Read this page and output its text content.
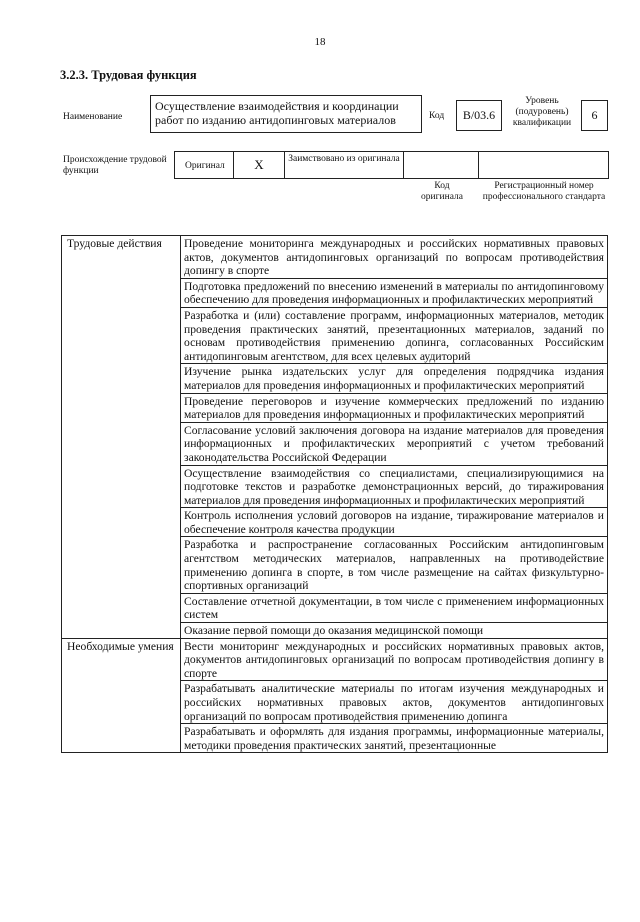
18
3.2.3. Трудовая функция
Наименование
Осуществление взаимодействия и координации работ по изданию антидопинговых материалов	Код	B/03.6
Уровень (подуровень) квалификации
6
Происхождение трудовой функции	Оригинал	X	Заимствовано из оригинала
Код оригинала
Регистрационный номер профессионального стандарта
Трудовые действия	Проведение мониторинга международных и российских нормативных правовых актов, документов антидопинговых организаций по вопросам противодействия допингу в спорте
	Подготовка предложений по внесению изменений в материалы по антидопинговому обеспечению для проведения информационных и профилактических мероприятий
	Разработка и (или) составление программ, информационных материалов, методик проведения практических занятий, презентационных материалов, заданий по основам противодействия применению допинга, согласованных Российским антидопинговым агентством, для всех целевых аудиторий
	Изучение рынка издательских услуг для определения подрядчика издания материалов для проведения информационных и профилактических мероприятий
	Проведение переговоров и изучение коммерческих предложений по изданию материалов для проведения информационных и профилактических мероприятий
	Согласование условий заключения договора на издание материалов для проведения информационных и профилактических мероприятий с учетом требований законодательства Российской Федерации
	Осуществление взаимодействия со специалистами, специализирующимися на подготовке текстов и разработке демонстрационных версий, до тиражирования материалов для проведения информационных и профилактических мероприятий
	Контроль исполнения условий договоров на издание, тиражирование материалов и обеспечение контроля качества продукции
	Разработка и распространение согласованных Российским антидопинговым агентством методических материалов, направленных на противодействие применению допинга в спорте, в том числе размещение на сайтах физкультурно-спортивных организаций
	Составление отчетной документации, в том числе с применением информационных систем
	Оказание первой помощи до оказания медицинской помощи
Необходимые умения	Вести мониторинг международных и российских нормативных правовых актов, документов антидопинговых организаций по вопросам противодействия допингу в спорте
	Разрабатывать аналитические материалы по итогам изучения международных и российских нормативных правовых актов, документов антидопинговых организаций по вопросам противодействия применению допинга
	Разрабатывать и оформлять для издания программы, информационные материалы, методики проведения практических занятий, презентационные
